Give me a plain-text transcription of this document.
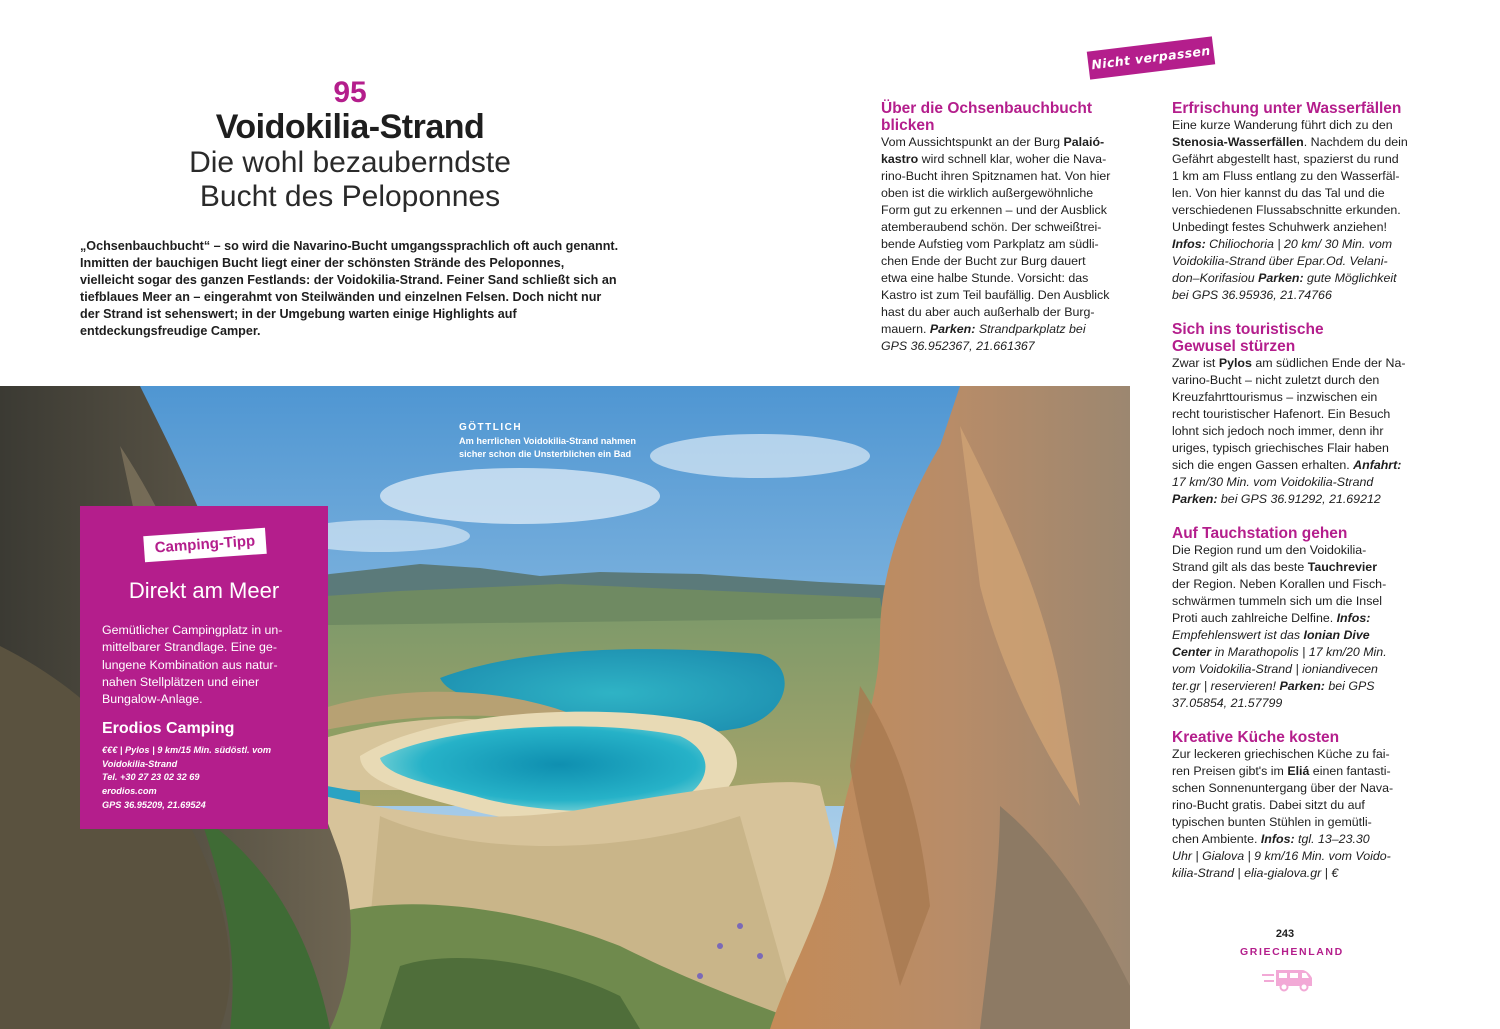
95
Voidokilia-Strand
Die wohl bezauberndste
Bucht des Peloponnes

„Ochsenbauchbucht“ – so wird die Navarino-Bucht umgangssprachlich oft auch genannt. Inmitten der bauchigen Bucht liegt einer der schönsten Strände des Peloponnes, vielleicht sogar des ganzen Festlands: der Voidokilia-Strand. Feiner Sand schließt sich an tiefblaues Meer an – eingerahmt von Steilwänden und einzelnen Felsen. Doch nicht nur der Strand ist sehenswert; in der Umgebung warten einige Highlights auf entdeckungsfreudige Camper.

Nicht verpassen
Über die Ochsenbauchbucht
blicken

Vom Aussichtspunkt an der Burg Palaió-
kastro wird schnell klar, woher die Nava-
rino-Bucht ihren Spitznamen hat. Von hier
oben ist die wirklich außergewöhnliche
Form gut zu erkennen – und der Ausblick
atemberaubend schön. Der schweißtrei-
bende Aufstieg vom Parkplatz am südli-
chen Ende der Bucht zur Burg dauert
etwa eine halbe Stunde. Vorsicht: das
Kastro ist zum Teil baufällig. Den Ausblick
hast du aber auch außerhalb der Burg-
mauern. Parken: Strandparkplatz bei
GPS 36.952367, 21.661367

Erfrischung unter Wasserfällen

Eine kurze Wanderung führt dich zu den
Stenosia-Wasserfällen. Nachdem du dein
Gefährt abgestellt hast, spazierst du rund
1 km am Fluss entlang zu den Wasserfäl-
len. Von hier kannst du das Tal und die
verschiedenen Flussabschnitte erkunden.
Unbedingt festes Schuhwerk anziehen!
Infos: Chiliochoria | 20 km/ 30 Min. vom
Voidokilia-Strand über Epar.Od. Velani-
don–Korifasiou Parken: gute Möglichkeit
bei GPS 36.95936, 21.74766

Sich ins touristische
Gewusel stürzen

Zwar ist Pylos am südlichen Ende der Na-
varino-Bucht – nicht zuletzt durch den
Kreuzfahrttourismus – inzwischen ein
recht touristischer Hafenort. Ein Besuch
lohnt sich jedoch noch immer, denn ihr
uriges, typisch griechisches Flair haben
sich die engen Gassen erhalten. Anfahrt:
17 km/30 Min. vom Voidokilia-Strand
Parken: bei GPS 36.91292, 21.69212

Auf Tauchstation gehen

Die Region rund um den Voidokilia-
Strand gilt als das beste Tauchrevier
der Region. Neben Korallen und Fisch-
schwärmen tummeln sich um die Insel
Proti auch zahlreiche Delfine. Infos:
Empfehlenswert ist das Ionian Dive
Center in Marathopolis | 17 km/20 Min.
vom Voidokilia-Strand | ioniandivecen
ter.gr | reservieren! Parken: bei GPS
37.05854, 21.57799

Kreative Küche kosten

Zur leckeren griechischen Küche zu fai-
ren Preisen gibt's im Eliá einen fantasti-
schen Sonnenuntergang über der Nava-
rino-Bucht gratis. Dabei sitzt du auf
typischen bunten Stühlen in gemütli-
chen Ambiente. Infos: tgl. 13–23.30
Uhr | Gialova | 9 km/16 Min. vom Voido-
kilia-Strand | elia-gialova.gr | €

GÖTTLICH
Am herrlichen Voidokilia-Strand nahmen sicher schon die Unsterblichen ein Bad
Camping-Tipp
Direkt am Meer
Gemütlicher Campingplatz in un-
mittelbarer Strandlage. Eine ge-
lungene Kombination aus natur-
nahen Stellplätzen und einer
Bungalow-Anlage.
Erodios Camping
€€€ | Pylos | 9 km/15 Min. südöstl. vom
Voidokilia-Strand
Tel. +30 27 23 02 32 69
erodios.com
GPS 36.95209, 21.69524
243
GRIECHENLAND
